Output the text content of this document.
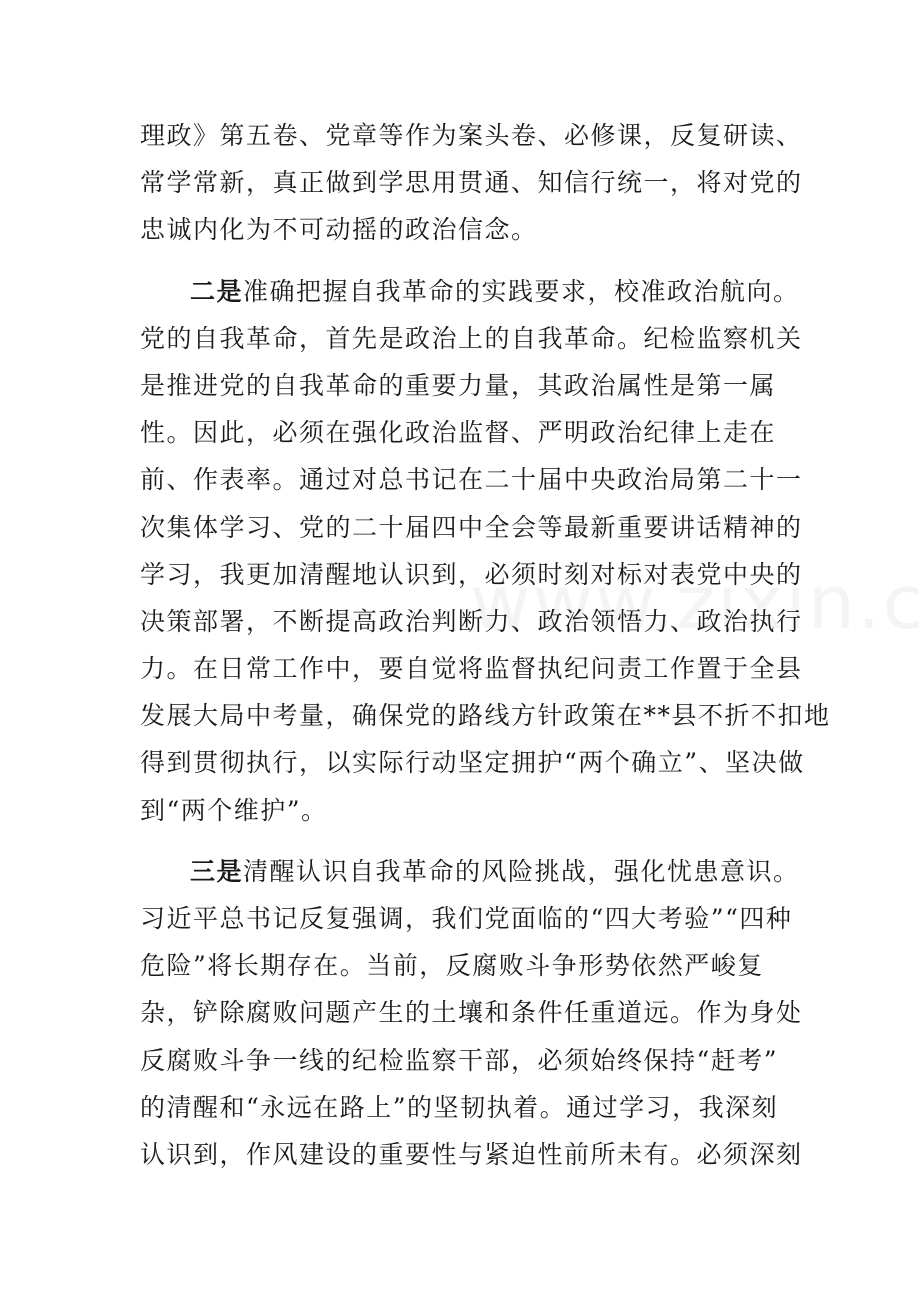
理政》第五卷、党章等作为案头卷、必修课，反复研读、
常学常新，真正做到学思用贯通、知信行统一，将对党的
忠诚内化为不可动摇的政治信念。
二是准确把握自我革命的实践要求，校准政治航向。
党的自我革命，首先是政治上的自我革命。纪检监察机关
是推进党的自我革命的重要力量，其政治属性是第一属
性。因此，必须在强化政治监督、严明政治纪律上走在
前、作表率。通过对总书记在二十届中央政治局第二十一
次集体学习、党的二十届四中全会等最新重要讲话精神的
学习，我更加清醒地认识到，必须时刻对标对表党中央的
决策部署，不断提高政治判断力、政治领悟力、政治执行
力。在日常工作中，要自觉将监督执纪问责工作置于全县
发展大局中考量，确保党的路线方针政策在**县不折不扣地
得到贯彻执行，以实际行动坚定拥护“两个确立”、坚决做
到“两个维护”。
三是清醒认识自我革命的风险挑战，强化忧患意识。
习近平总书记反复强调，我们党面临的“四大考验”“四种
危险”将长期存在。当前，反腐败斗争形势依然严峻复
杂，铲除腐败问题产生的土壤和条件任重道远。作为身处
反腐败斗争一线的纪检监察干部，必须始终保持“赶考”
的清醒和“永远在路上”的坚韧执着。通过学习，我深刻
认识到，作风建设的重要性与紧迫性前所未有。必须深刻
